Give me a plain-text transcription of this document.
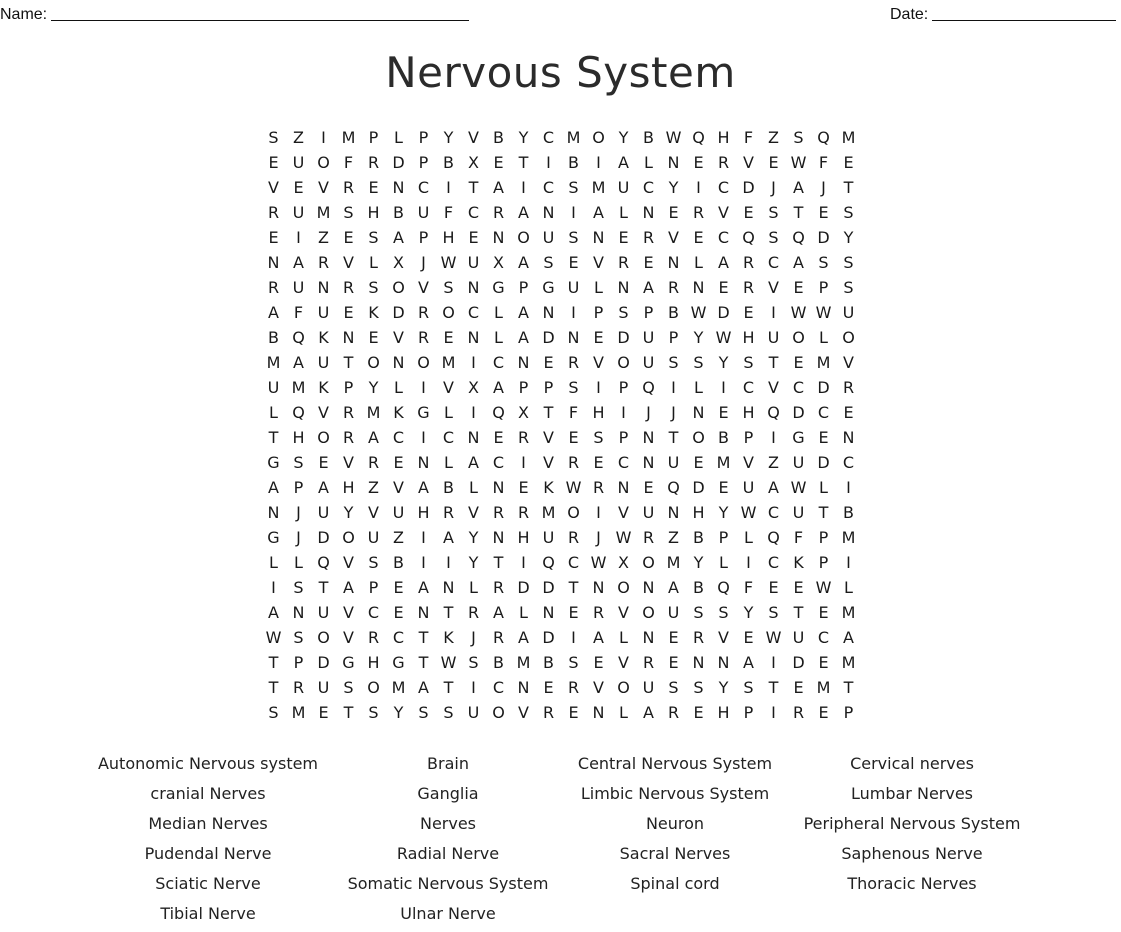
Name:	Date:
Nervous System
S Z	I M P L P Y V B Y C M O Y B W Q H F Z S Q M
E U O F R D P B X E T	I	B	I	A L N E R V E W F E
V E V R E N C	I	T A	I	C S M U C Y	I	C D	J	A	J	T
R U M S H B U F C R A N	I	A L N E R V E S T E S
E	I	Z E S A P H E N O U S N E R V E C Q S Q D Y
N A R V L X	J W U X A S E V R E N L A R C A S S
R U N R S O V S N G P G U L N A R N E R V E P S
A F U E K D R O C L A N	I	P S P B W D E	I W W U
B Q K N E V R E N L A D N E D U P Y W H U O L O
M A U T O N O M I	C N E R V O U S S Y S T E M V
U M K P Y L	I	V X A P P S	I	P Q	I	L	I	C V C D R
L Q V R M K G L	I	Q X T F H	I	J	J	N E H Q D C E
T H O R A C	I	C N E R V E S P N T O B P	I	G E N
G S E V R E N L A C	I	V R E C N U E M V Z U D C
A P A H Z V A B L N E K W R N E Q D E U A W L	I
N	J	U Y V U H R V R R M O	I	V U N H Y W C U T B
G	J	D O U Z	I	A Y N H U R	J W R Z B P L Q F P M
L	L Q V S B	I	I	Y T	I	Q C W X O M Y L	I	C K P	I
I	S T A P E A N L R D D T N O N A B Q F E E W L
A N U V C E N T R A L N E R V O U S S Y S T E M
W S O V R C T K	J	R A D	I	A L N E R V E W U C A
T P D G H G T W S B M B S E V R E N N A	I	D E M
T R U S O M A T	I	C N E R V O U S S Y S T E M T
S M E T S Y S S U O V R E N L A R E H P	I	R E P
Autonomic Nervous system	Brain	Central Nervous System	Cervical nerves
cranial Nerves	Ganglia	Limbic Nervous System	Lumbar Nerves
Median Nerves	Nerves	Neuron	Peripheral Nervous System
Pudendal Nerve	Radial Nerve	Sacral Nerves	Saphenous Nerve
Sciatic Nerve	Somatic Nervous System	Spinal cord	Thoracic Nerves
Tibial Nerve	Ulnar Nerve
